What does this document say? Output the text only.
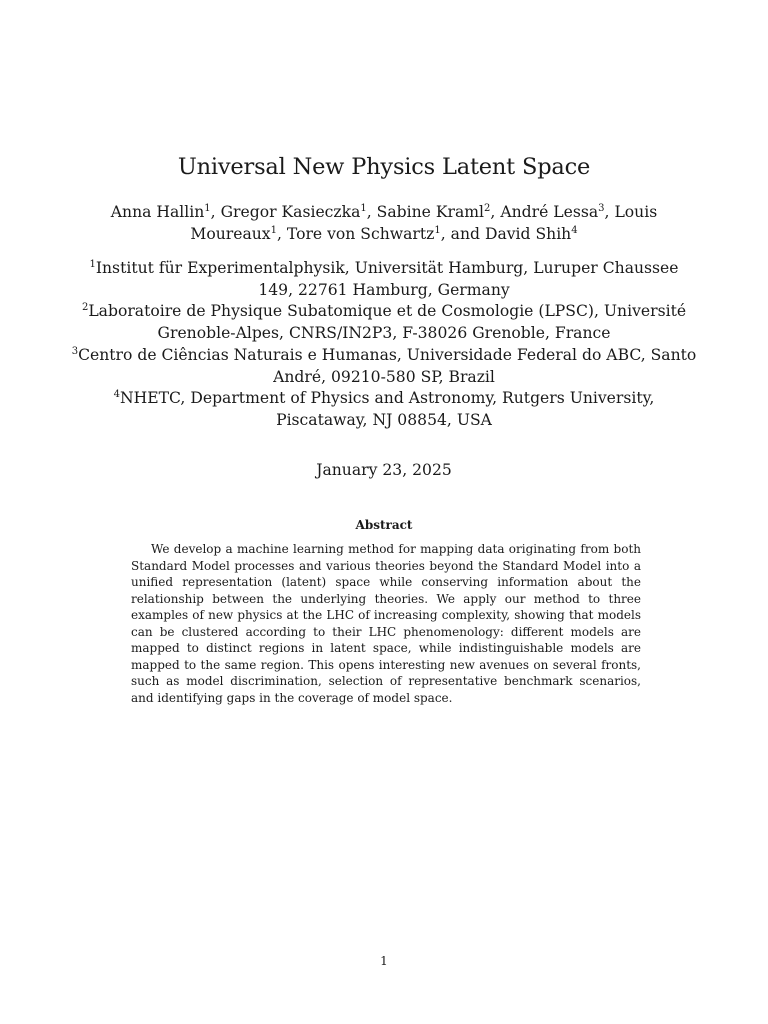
Universal New Physics Latent Space
Anna Hallin$^1$, Gregor Kasieczka$^1$, Sabine Kraml$^2$, André Lessa$^3$, Louis Moureaux$^1$, Tore von Schwartz$^1$, and David Shih$^4$

$^1$Institut für Experimentalphysik, Universität Hamburg, Luruper Chaussee 149, 22761 Hamburg, Germany

$^2$Laboratoire de Physique Subatomique et de Cosmologie (LPSC), Université Grenoble-Alpes, CNRS/IN2P3, F-38026 Grenoble, France

$^3$Centro de Ciências Naturais e Humanas, Universidade Federal do ABC, Santo André, 09210-580 SP, Brazil

$^4$NHETC, Department of Physics and Astronomy, Rutgers University, Piscataway, NJ 08854, USA

January 23, 2025
Abstract

We develop a machine learning method for mapping data originating from both Standard Model processes and various theories beyond the Standard Model into a unified representation (latent) space while conserving information about the relationship between the underlying theories. We apply our method to three examples of new physics at the LHC of increasing complexity, showing that models can be clustered according to their LHC phenomenology: different models are mapped to distinct regions in latent space, while indistinguishable models are mapped to the same region. This opens interesting new avenues on several fronts, such as model discrimination, selection of representative benchmark scenarios, and identifying gaps in the coverage of model space.

1
